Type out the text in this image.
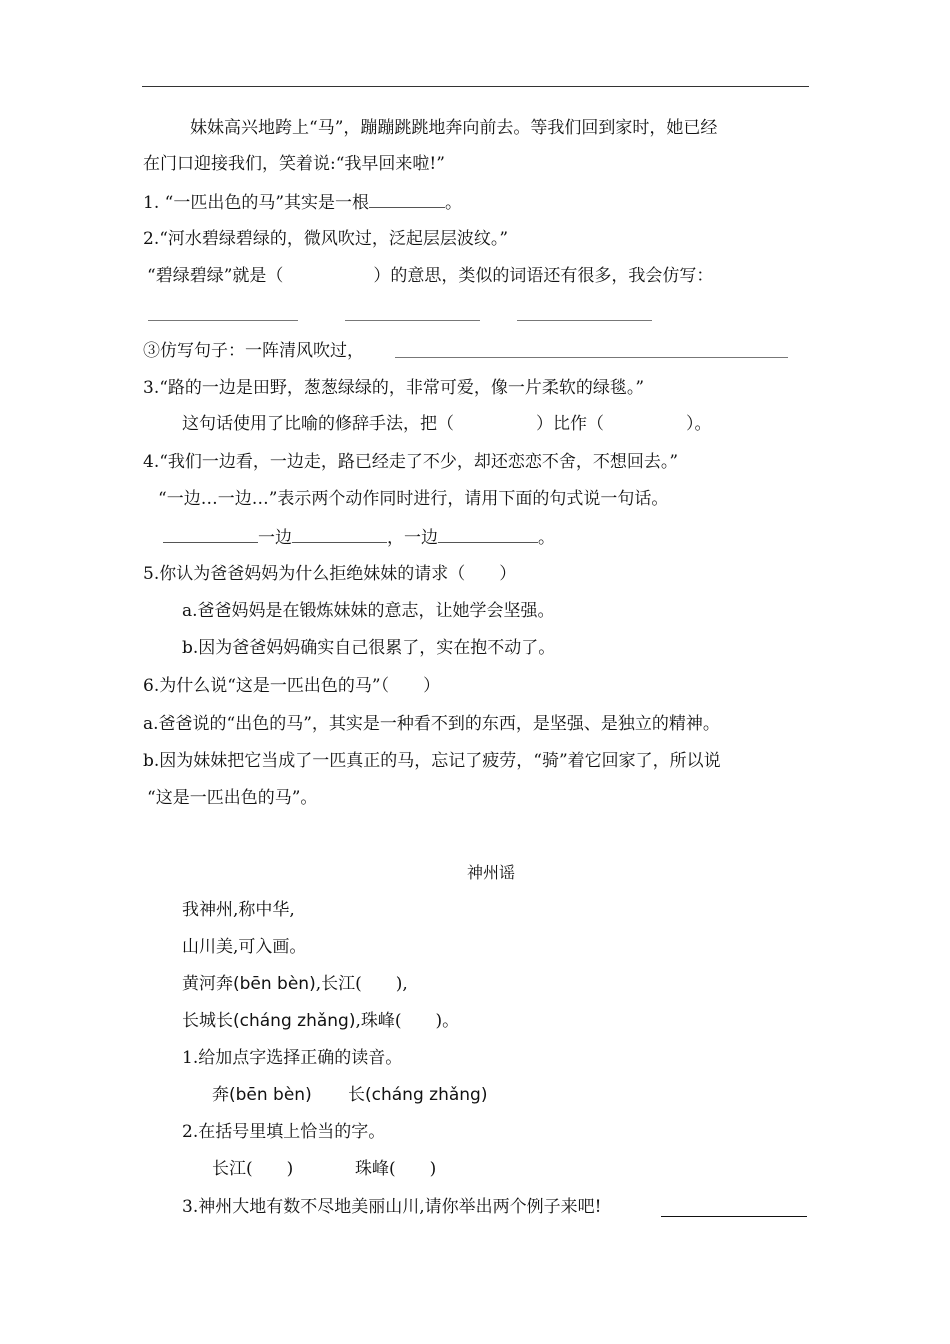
妹妹高兴地跨上“马”，蹦蹦跳跳地奔向前去。等我们回到家时，她已经
在门口迎接我们，笑着说:“我早回来啦!”
1. “一匹出色的马”其实是一根	。
2.“河水碧绿碧绿的，微风吹过，泛起层层波纹。”
“碧绿碧绿”就是（	）的意思，类似的词语还有很多，我会仿写：
③仿写句子：一阵清风吹过，
3.“路的一边是田野，葱葱绿绿的，非常可爱，像一片柔软的绿毯。”
这句话使用了比喻的修辞手法，把（	）比作（	）。
4.“我们一边看，一边走，路已经走了不少，却还恋恋不舍，不想回去。”
“一边…一边…”表示两个动作同时进行，请用下面的句式说一句话。
一边	，一边	。
5.你认为爸爸妈妈为什么拒绝妹妹的请求（　　）
a.爸爸妈妈是在锻炼妹妹的意志，让她学会坚强。
b.因为爸爸妈妈确实自己很累了，实在抱不动了。
6.为什么说“这是一匹出色的马”（　　）
a.爸爸说的“出色的马”，其实是一种看不到的东西，是坚强、是独立的精神。
b.因为妹妹把它当成了一匹真正的马，忘记了疲劳，“骑”着它回家了，所以说
“这是一匹出色的马”。
神州谣
我神州,称中华,
山川美,可入画。
黄河奔(bēn bèn),长江(　　),
长城长(cháng zhǎng),珠峰(　　)。
1.给加点字选择正确的读音。
奔(bēn bèn) 长(cháng zhǎng)
2.在括号里填上恰当的字。
长江(　　)	珠峰(　　)
3.神州大地有数不尽地美丽山川,请你举出两个例子来吧!
